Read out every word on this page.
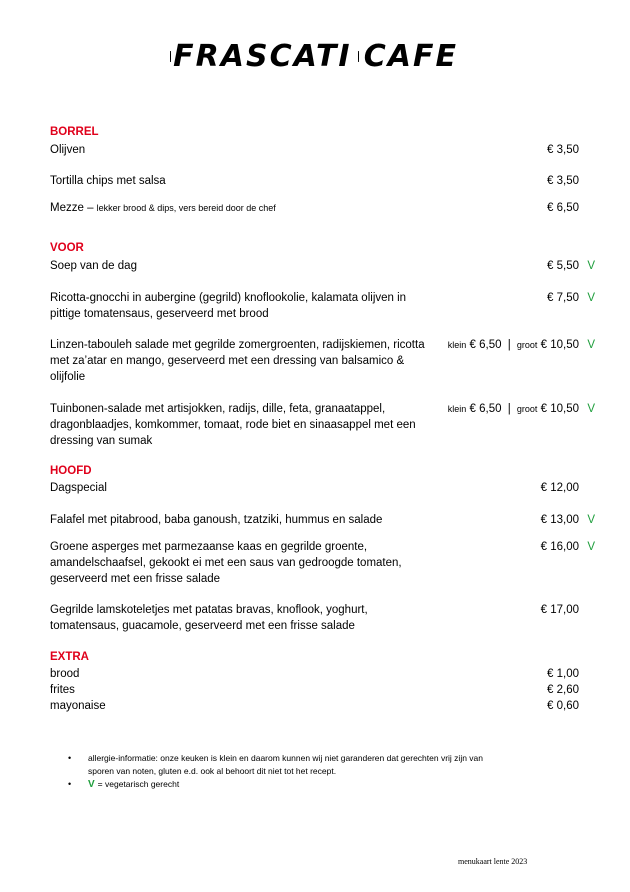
FRASCATI CAFE
BORREL
Olijven	€ 3,50
Tortilla chips met salsa	€ 3,50
Mezze – lekker brood & dips, vers bereid door de chef	€ 6,50
VOOR
Soep van de dag	€ 5,50 V
Ricotta-gnocchi in aubergine (gegrild) knoflookolie, kalamata olijven in pittige tomatensaus, geserveerd met brood
€ 7,50 V
Linzen-tabouleh salade met gegrilde zomergroenten, radijskiemen, ricotta met za’atar en mango, geserveerd met een dressing van balsamico & olijfolie
klein € 6,50 | groot € 10,50 V
Tuinbonen-salade met artisjokken, radijs, dille, feta, granaatappel, dragonblaadjes, komkommer, tomaat, rode biet en sinaasappel met een dressing van sumak
klein € 6,50 | groot € 10,50 V
HOOFD
Dagspecial	€ 12,00
Falafel met pitabrood, baba ganoush, tzatziki, hummus en salade	€ 13,00 V
Groene asperges met parmezaanse kaas en gegrilde groente, amandelschaafsel, gekookt ei met een saus van gedroogde tomaten, geserveerd met een frisse salade
€ 16,00 V
Gegrilde lamskoteletjes met patatas bravas, knoflook, yoghurt, tomatensaus, guacamole, geserveerd met een frisse salade
€ 17,00
EXTRA
brood	€ 1,00
frites	€ 2,60
mayonaise	€ 0,60
•	allergie-informatie: onze keuken is klein en daarom kunnen wij niet garanderen dat gerechten vrij zijn van sporen van noten, gluten e.d. ook al behoort dit niet tot het recept.
•	V = vegetarisch gerecht
menukaart lente 2023
